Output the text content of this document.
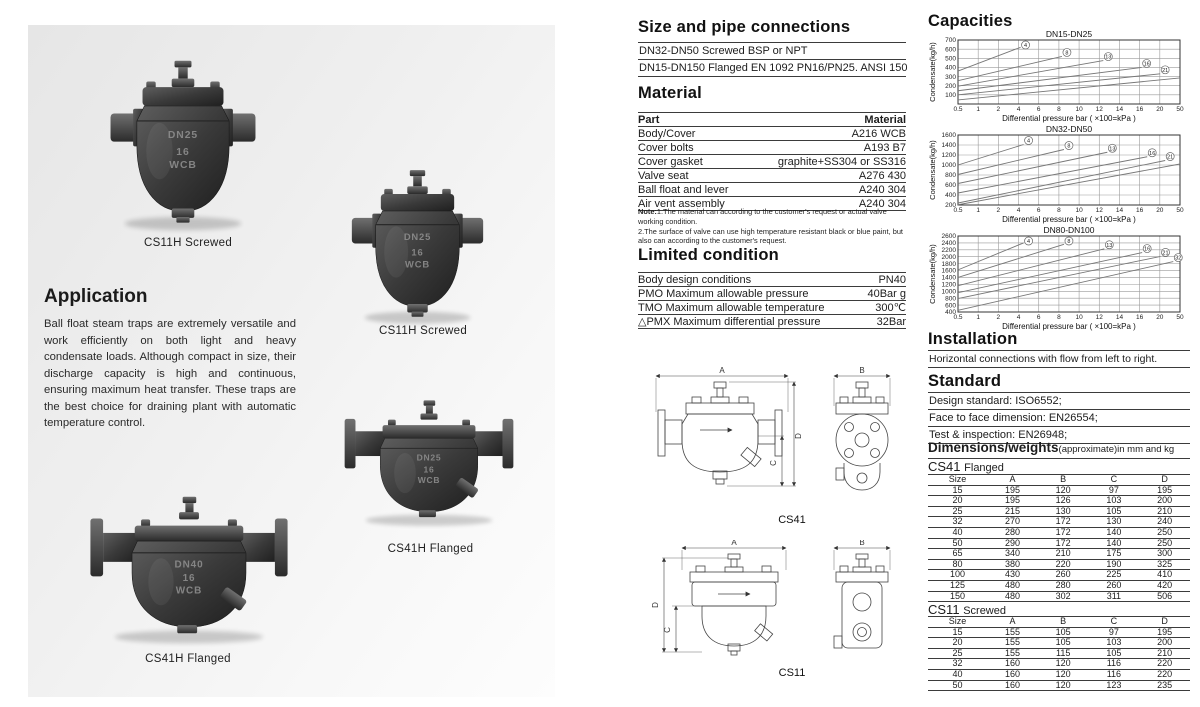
DN25
16
WCB
CS11H Screwed	DN25
16
WCB
CS11H Screwed
Application
Ball float steam traps are extremely versatile and work efficiently on both light and heavy condensate loads. Although compact in size, their discharge capacity is high and continuous, ensuring maximum heat transfer. These traps are the best choice for draining plant with automatic temperature control.
DN25
16
WCB
CS41H Flanged
DN40
16
WCB
CS41H Flanged
Size and pipe connections
DN32-DN50 Screwed BSP or NPT
DN15-DN150 Flanged EN 1092 PN16/PN25. ANSI 150
Material
Part	Material
Body/Cover	A216 WCB
Cover bolts	A193 B7
Cover gasket	graphite+SS304 or SS316
Valve seat	A276 430
Ball float and lever	A240 304
Air vent assembly	A240 304
Note:1.The material can according to the customer's request or actual valve working condition.
2.The surface of valve can use high temperature resistant black or blue paint, but also can according to the customer's request.
Limited condition
Body design conditions	PN40
PMO Maximum allowable pressure	40Bar g
TMO Maximum allowable temperature	300℃
△PMX Maximum differential pressure	32Bar
A
D
C
B
CS41
A
D
C
B
CS11
Capacities
DN15-DN25
Condensate(kg/h)
0.5 1	2	4	6	8 10 12 14 16 20 50
100
200
300
400
500
600
700
4
8
13
16
21
Differential pressure bar ( ×100=kPa )
DN32-DN50
Condensate(kg/h)
0.5 1	2	4	6	8 10 12 14 16 20 50
200
400
600
800
1000
1200
1400
1600
4
8	13
16
21
Differential pressure bar ( ×100=kPa )
DN80-DN100
Condensate(kg/h)
0.5 1	2	4	6	8 10 12 14 16 20 50
400
600
800
1000
1200
1400
1600
1800
2000
2200
2400
2600
4	8
13
16
21
32
Differential pressure bar ( ×100=kPa )
Installation
Horizontal connections with flow from left to right.
Standard
Design standard: ISO6552;
Face to face dimension: EN26554;
Test & inspection: EN26948;
Dimensions/weights(approximate)in mm and kg
CS41 Flanged
Size	A	B	C	D
15	195	120	97	195
20	195	126	103	200
25	215	130	105	210
32	270	172	130	240
40	280	172	140	250
50	290	172	140	250
65	340	210	175	300
80	380	220	190	325
100	430	260	225	410
125	480	280	260	420
150	480	302	311	506
CS11 Screwed
Size	A	B	C	D
15	155	105	97	195
20	155	105	103	200
25	155	115	105	210
32	160	120	116	220
40	160	120	116	220
50	160	120	123	235
